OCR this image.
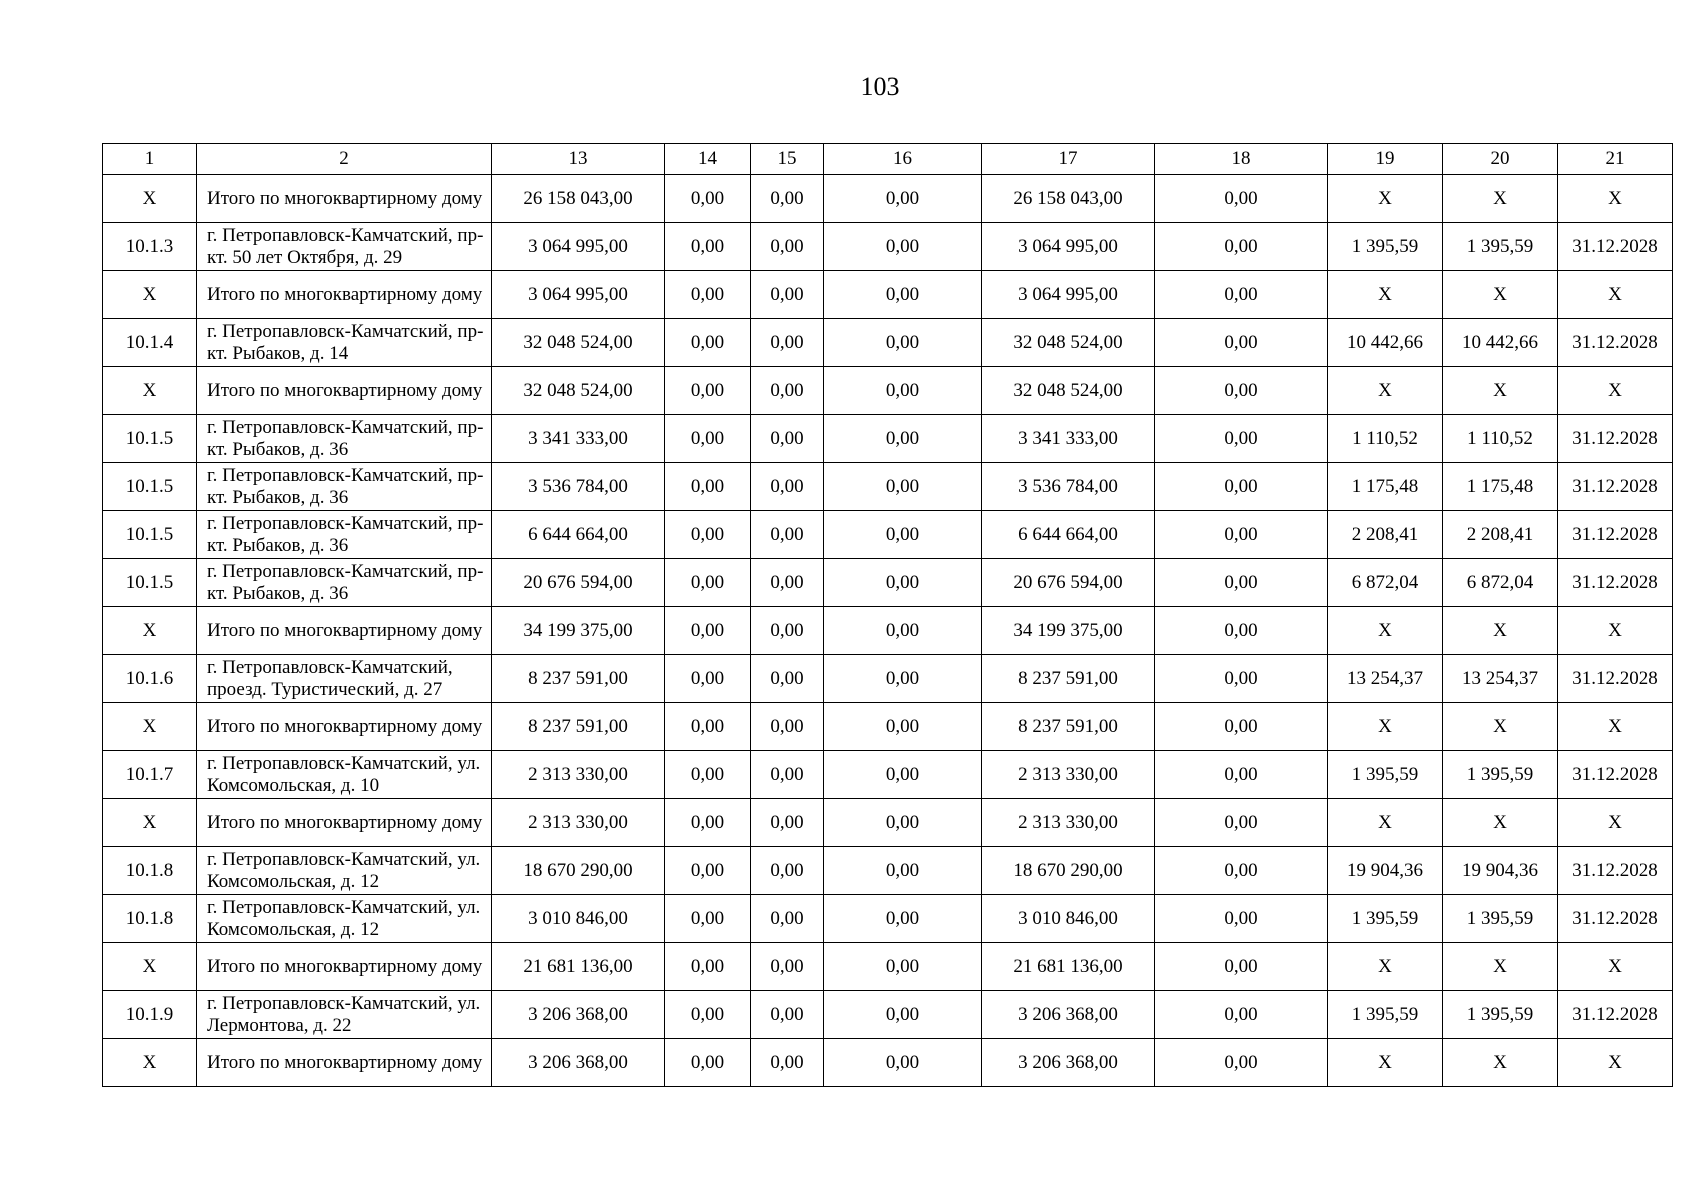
103
1	2	13	14	15	16	17	18	19	20	21
X	Итого по многоквартирному дому	26 158 043,00	0,00	0,00	0,00	26 158 043,00	0,00	X	X	X
10.1.3	г. Петропавловск-Камчатский, пр-кт. 50 лет Октября, д. 29	3 064 995,00	0,00	0,00	0,00	3 064 995,00	0,00	1 395,59	1 395,59	31.12.2028
X	Итого по многоквартирному дому	3 064 995,00	0,00	0,00	0,00	3 064 995,00	0,00	X	X	X
10.1.4	г. Петропавловск-Камчатский, пр-кт. Рыбаков, д. 14	32 048 524,00	0,00	0,00	0,00	32 048 524,00	0,00	10 442,66	10 442,66	31.12.2028
X	Итого по многоквартирному дому	32 048 524,00	0,00	0,00	0,00	32 048 524,00	0,00	X	X	X
10.1.5	г. Петропавловск-Камчатский, пр-кт. Рыбаков, д. 36	3 341 333,00	0,00	0,00	0,00	3 341 333,00	0,00	1 110,52	1 110,52	31.12.2028
10.1.5	г. Петропавловск-Камчатский, пр-кт. Рыбаков, д. 36	3 536 784,00	0,00	0,00	0,00	3 536 784,00	0,00	1 175,48	1 175,48	31.12.2028
10.1.5	г. Петропавловск-Камчатский, пр-кт. Рыбаков, д. 36	6 644 664,00	0,00	0,00	0,00	6 644 664,00	0,00	2 208,41	2 208,41	31.12.2028
10.1.5	г. Петропавловск-Камчатский, пр-кт. Рыбаков, д. 36	20 676 594,00	0,00	0,00	0,00	20 676 594,00	0,00	6 872,04	6 872,04	31.12.2028
X	Итого по многоквартирному дому	34 199 375,00	0,00	0,00	0,00	34 199 375,00	0,00	X	X	X
10.1.6	г. Петропавловск-Камчатский, проезд. Туристический, д. 27	8 237 591,00	0,00	0,00	0,00	8 237 591,00	0,00	13 254,37	13 254,37	31.12.2028
X	Итого по многоквартирному дому	8 237 591,00	0,00	0,00	0,00	8 237 591,00	0,00	X	X	X
10.1.7	г. Петропавловск-Камчатский, ул. Комсомольская, д. 10	2 313 330,00	0,00	0,00	0,00	2 313 330,00	0,00	1 395,59	1 395,59	31.12.2028
X	Итого по многоквартирному дому	2 313 330,00	0,00	0,00	0,00	2 313 330,00	0,00	X	X	X
10.1.8	г. Петропавловск-Камчатский, ул. Комсомольская, д. 12	18 670 290,00	0,00	0,00	0,00	18 670 290,00	0,00	19 904,36	19 904,36	31.12.2028
10.1.8	г. Петропавловск-Камчатский, ул. Комсомольская, д. 12	3 010 846,00	0,00	0,00	0,00	3 010 846,00	0,00	1 395,59	1 395,59	31.12.2028
X	Итого по многоквартирному дому	21 681 136,00	0,00	0,00	0,00	21 681 136,00	0,00	X	X	X
10.1.9	г. Петропавловск-Камчатский, ул. Лермонтова, д. 22	3 206 368,00	0,00	0,00	0,00	3 206 368,00	0,00	1 395,59	1 395,59	31.12.2028
X	Итого по многоквартирному дому	3 206 368,00	0,00	0,00	0,00	3 206 368,00	0,00	X	X	X
